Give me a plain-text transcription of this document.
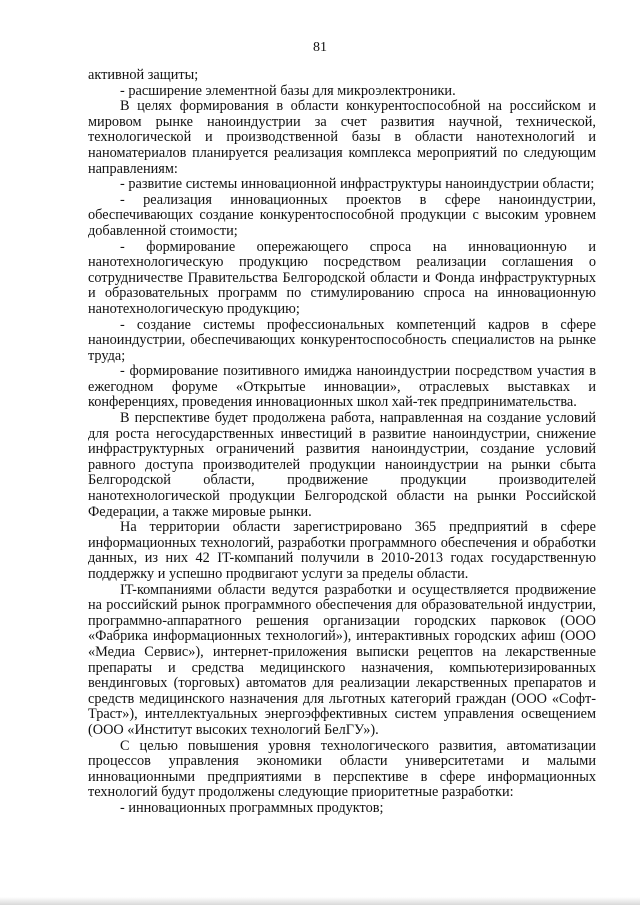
81

активной защиты;

- расширение элементной базы для микроэлектроники.

В целях формирования в области конкурентоспособной на российском и мировом рынке наноиндустрии за счет развития научной, технической, технологической и производственной базы в области нанотехнологий и наноматериалов планируется реализация комплекса мероприятий по следующим направлениям:

- развитие системы инновационной инфраструктуры наноиндустрии области;

- реализация инновационных проектов в сфере наноиндустрии, обеспечивающих создание конкурентоспособной продукции с высоким уровнем добавленной стоимости;

- формирование опережающего спроса на инновационную и нанотехнологическую продукцию посредством реализации соглашения о сотрудничестве Правительства Белгородской области и Фонда инфраструктурных и образовательных программ по стимулированию спроса на инновационную нанотехнологическую продукцию;

- создание системы профессиональных компетенций кадров в сфере наноиндустрии, обеспечивающих конкурентоспособность специалистов на рынке труда;

- формирование позитивного имиджа наноиндустрии посредством участия в ежегодном форуме «Открытые инновации», отраслевых выставках и конференциях, проведения инновационных школ хай-тек предпринимательства.

В перспективе будет продолжена работа, направленная на создание условий для роста негосударственных инвестиций в развитие наноиндустрии, снижение инфраструктурных ограничений развития наноиндустрии, создание условий равного доступа производителей продукции наноиндустрии на рынки сбыта Белгородской области, продвижение продукции производителей нанотехнологической продукции Белгородской области на рынки Российской Федерации, а также мировые рынки.

На территории области зарегистрировано 365 предприятий в сфере информационных технологий, разработки программного обеспечения и обработки данных, из них 42 IT-компаний получили в 2010-2013 годах государственную поддержку и успешно продвигают услуги за пределы области.

IT-компаниями области ведутся разработки и осуществляется продвижение на российский рынок программного обеспечения для образовательной индустрии, программно-аппаратного решения организации городских парковок (ООО «Фабрика информационных технологий»), интерактивных городских афиш (ООО «Медиа Сервис»), интернет-приложения выписки рецептов на лекарственные препараты и средства медицинского назначения, компьютеризированных вендинговых (торговых) автоматов для реализации лекарственных препаратов и средств медицинского назначения для льготных категорий граждан (ООО «Софт-Траст»), интеллектуальных энергоэффективных систем управления освещением (ООО «Институт высоких технологий БелГУ»).

С целью повышения уровня технологического развития, автоматизации процессов управления экономики области университетами и малыми инновационными предприятиями в перспективе в сфере информационных технологий будут продолжены следующие приоритетные разработки:

- инновационных программных продуктов;
